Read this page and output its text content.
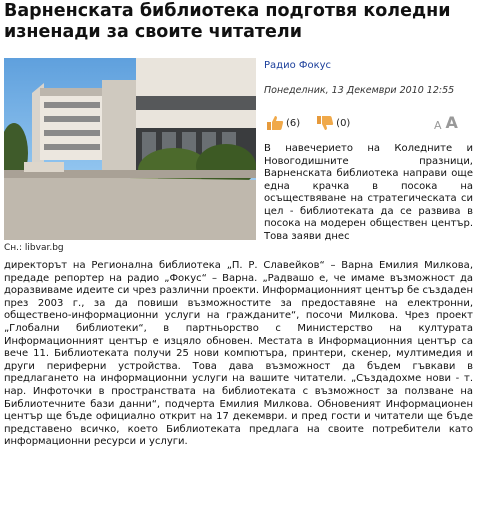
Варненската библиотека подготвя коледни изненади за своите читатели
Сн.: libvar.bg
Радио Фокус
Понеделник, 13 Декември 2010 12:55
(6)	(0)	A A
В навечерието на Коледните и Новогодишните празници, Варненската библиотека направи още една крачка в посока на осъществяване на стратегическата си цел - библиотеката да се развива в посока на модерен обществен център. Това заяви днес
директорът на Регионална библиотека „П. Р. Славейков“ – Варна Емилия Милкова, предаде репортер на радио „Фокус“ – Варна. „Радвашо е, че имаме възможност да доразвиваме идеите си чрез различни проекти. Информационният център бе създаден през 2003 г., за да повиши възможностите за предоставяне на електронни, обществено-информационни услуги на гражданите“, посочи Милкова. Чрез проект „Глобални библиотеки“, в партньорство с Министерство на културата Информационният център е изцяло обновен. Местата в Информационния център са вече 11. Библиотеката получи 25 нови компютъра, принтери, скенер, мултимедия и други периферни устройства. Това дава възможност да бъдем гъвкави в предлагането на информационни услуги на вашите читатели. „Създадохме нови - т. нар. Инфоточки в пространствата на библиотеката с възможност за ползване на Библиотечните бази данни“, подчерта Емилия Милкова. Обновеният Информационен център ще бъде официално открит на 17 декември. и пред гости и читатели ще бъде представено всичко, което Библиотеката предлага на своите потребители като информационни ресурси и услуги.
